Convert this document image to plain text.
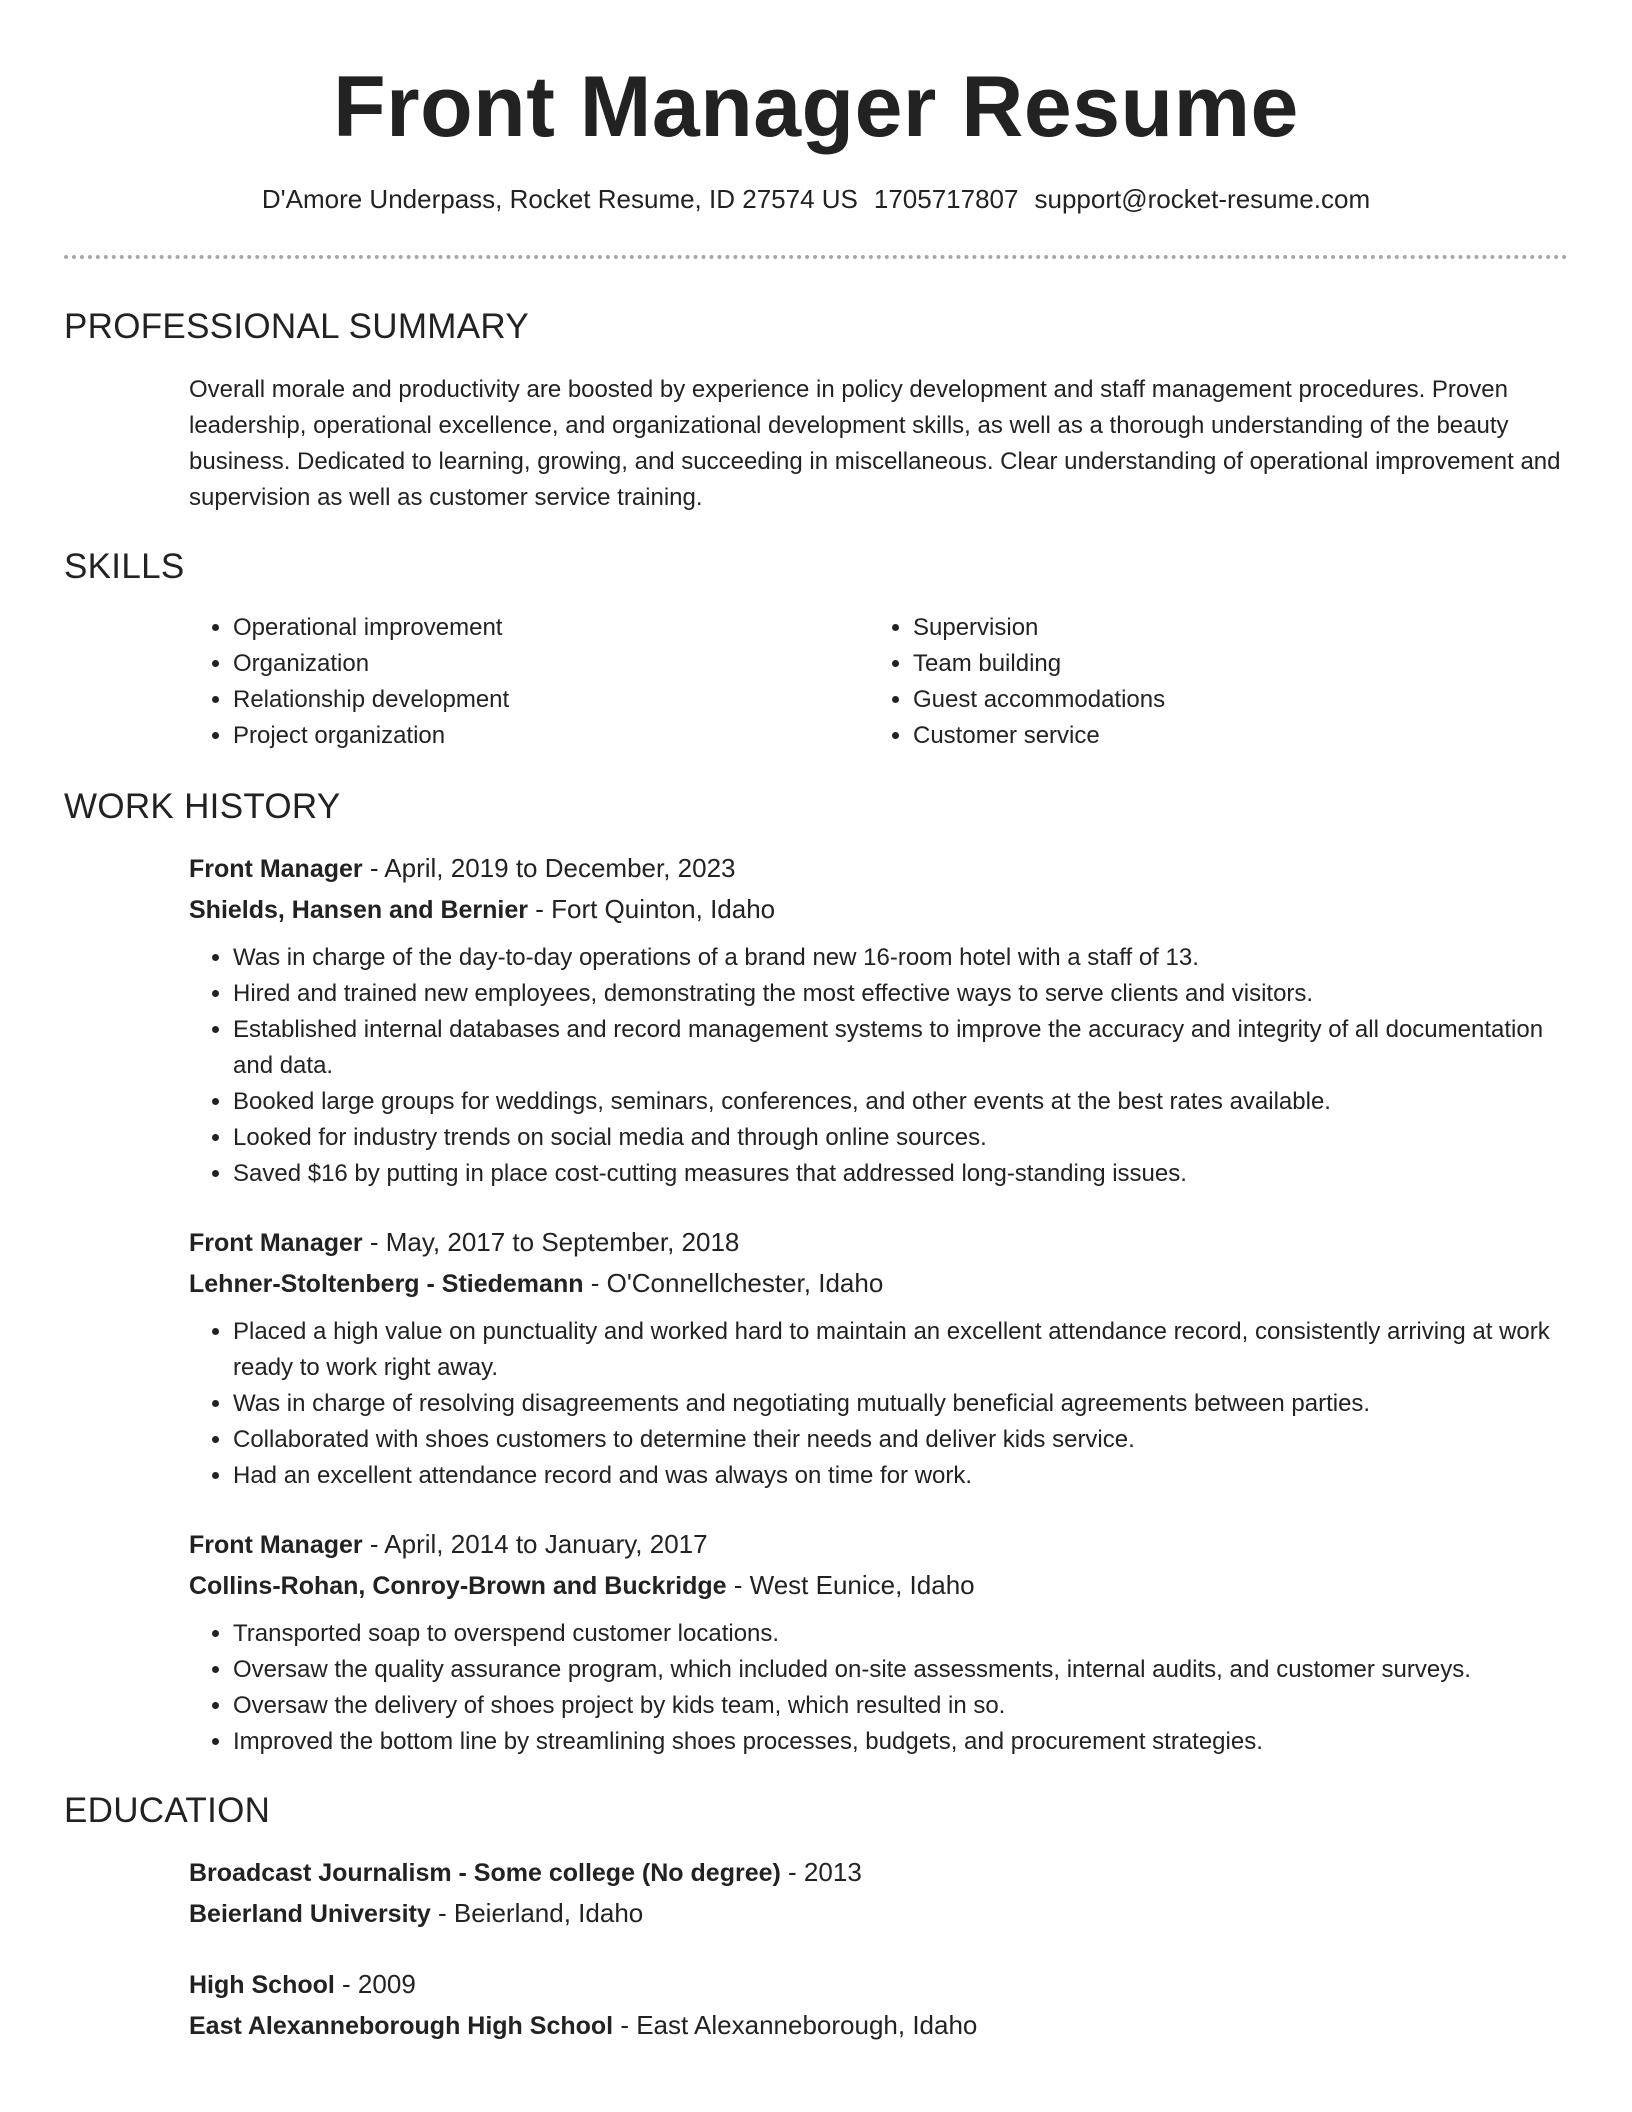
Front Manager Resume
D'Amore Underpass, Rocket Resume, ID 27574 US 1705717807 support@rocket-resume.com
PROFESSIONAL SUMMARY

Overall morale and productivity are boosted by experience in policy development and staff management procedures. Proven leadership, operational excellence, and organizational development skills, as well as a thorough understanding of the beauty business. Dedicated to learning, growing, and succeeding in miscellaneous. Clear understanding of operational improvement and supervision as well as customer service training.

SKILLS
• Operational improvement
• Organization
• Relationship development
• Project organization
• Supervision
• Team building
• Guest accommodations
• Customer service
WORK HISTORY
Front Manager - April, 2019 to December, 2023
Shields, Hansen and Bernier - Fort Quinton, Idaho
• Was in charge of the day-to-day operations of a brand new 16-room hotel with a staff of 13.
• Hired and trained new employees, demonstrating the most effective ways to serve clients and visitors.
• Established internal databases and record management systems to improve the accuracy and integrity of all documentation and data.
• Booked large groups for weddings, seminars, conferences, and other events at the best rates available.
• Looked for industry trends on social media and through online sources.
• Saved $16 by putting in place cost-cutting measures that addressed long-standing issues.
Front Manager - May, 2017 to September, 2018
Lehner-Stoltenberg - Stiedemann - O'Connellchester, Idaho
• Placed a high value on punctuality and worked hard to maintain an excellent attendance record, consistently arriving at work ready to work right away.
• Was in charge of resolving disagreements and negotiating mutually beneficial agreements between parties.
• Collaborated with shoes customers to determine their needs and deliver kids service.
• Had an excellent attendance record and was always on time for work.
Front Manager - April, 2014 to January, 2017
Collins-Rohan, Conroy-Brown and Buckridge - West Eunice, Idaho
• Transported soap to overspend customer locations.
• Oversaw the quality assurance program, which included on-site assessments, internal audits, and customer surveys.
• Oversaw the delivery of shoes project by kids team, which resulted in so.
• Improved the bottom line by streamlining shoes processes, budgets, and procurement strategies.
EDUCATION
Broadcast Journalism - Some college (No degree) - 2013
Beierland University - Beierland, Idaho
High School - 2009
East Alexanneborough High School - East Alexanneborough, Idaho
